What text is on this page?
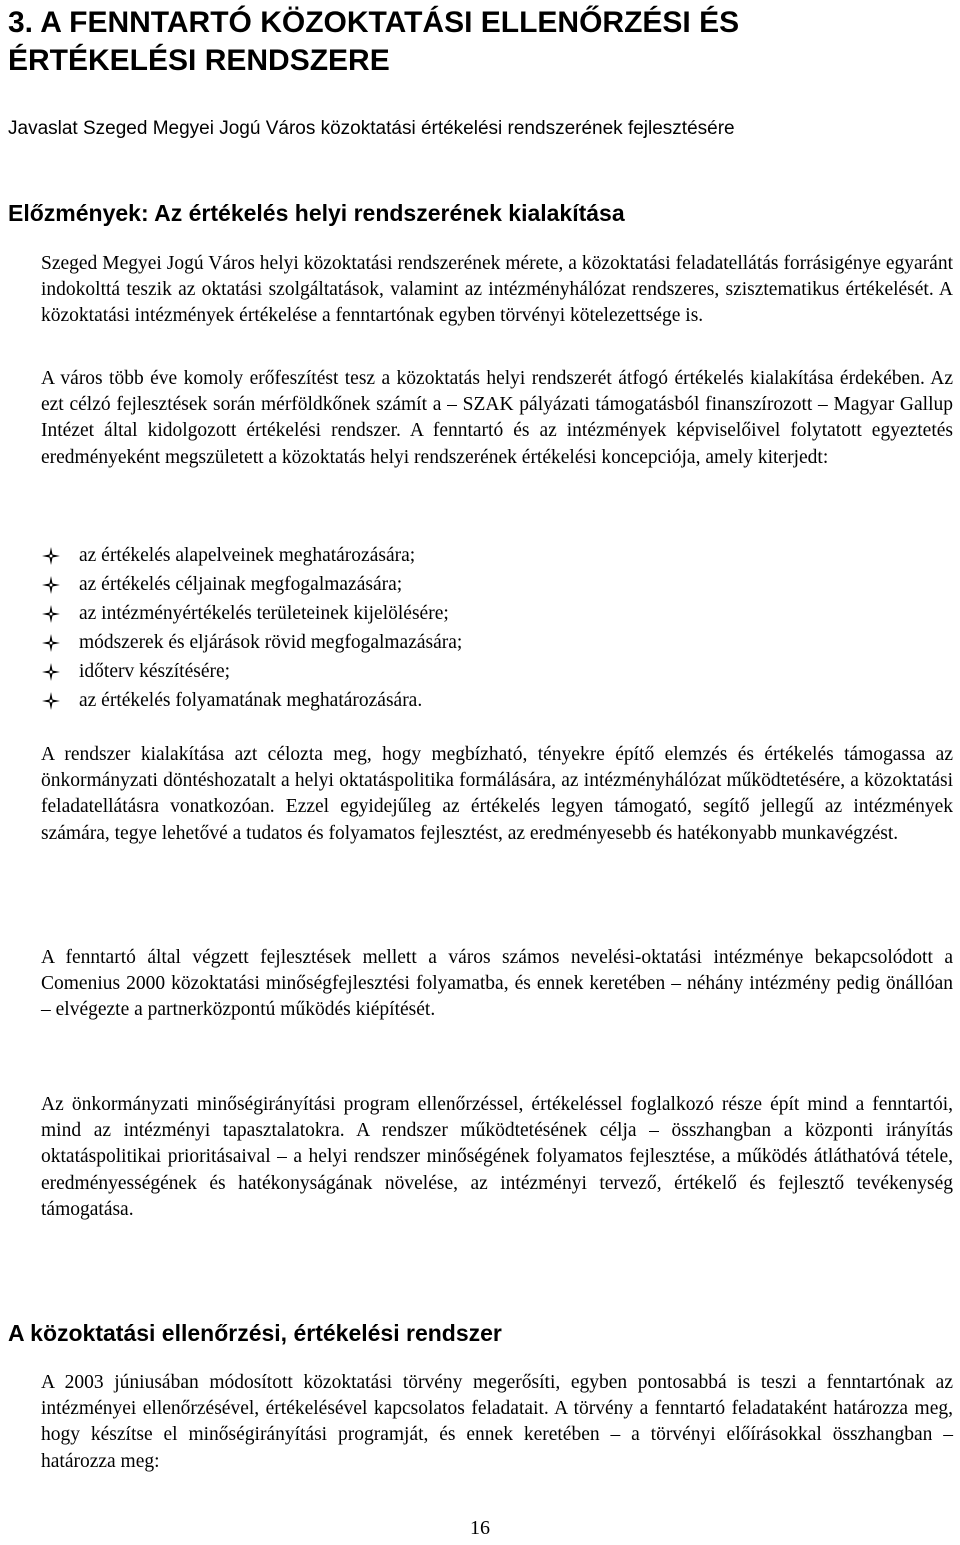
3. A FENNTARTÓ KÖZOKTATÁSI ELLENŐRZÉSI ÉS
ÉRTÉKELÉSI RENDSZERE

Javaslat Szeged Megyei Jogú Város közoktatási értékelési rendszerének fejlesztésére

Előzmények: Az értékelés helyi rendszerének kialakítása

Szeged Megyei Jogú Város helyi közoktatási rendszerének mérete, a közoktatási feladatellátás forrásigénye egyaránt indokolttá teszik az oktatási szolgáltatások, valamint az intézményhálózat rendszeres, szisztematikus értékelését. A közoktatási intézmények értékelése a fenntartónak egyben törvényi kötelezettsége is.

A város több éve komoly erőfeszítést tesz a közoktatás helyi rendszerét átfogó értékelés kialakítása érdekében. Az ezt célzó fejlesztések során mérföldkőnek számít a – SZAK pályázati támogatásból finanszírozott – Magyar Gallup Intézet által kidolgozott értékelési rendszer. A fenntartó és az intézmények képviselőivel folytatott egyeztetés eredményeként megszületett a közoktatás helyi rendszerének értékelési koncepciója, amely kiterjedt:

az értékelés alapelveinek meghatározására;
az értékelés céljainak megfogalmazására;
az intézményértékelés területeinek kijelölésére;
módszerek és eljárások rövid megfogalmazására;
időterv készítésére;
az értékelés folyamatának meghatározására.

A rendszer kialakítása azt célozta meg, hogy megbízható, tényekre építő elemzés és értékelés támogassa az önkormányzati döntéshozatalt a helyi oktatáspolitika formálására, az intézményhálózat működtetésére, a közoktatási feladatellátásra vonatkozóan. Ezzel egyidejűleg az értékelés legyen támogató, segítő jellegű az intézmények számára, tegye lehetővé a tudatos és folyamatos fejlesztést, az eredményesebb és hatékonyabb munkavégzést.

A fenntartó által végzett fejlesztések mellett a város számos nevelési-oktatási intézménye bekapcsolódott a Comenius 2000 közoktatási minőségfejlesztési folyamatba, és ennek keretében – néhány intézmény pedig önállóan – elvégezte a partnerközpontú működés kiépítését.

Az önkormányzati minőségirányítási program ellenőrzéssel, értékeléssel foglalkozó része épít mind a fenntartói, mind az intézményi tapasztalatokra. A rendszer működtetésének célja – összhangban a központi irányítás oktatáspolitikai prioritásaival – a helyi rendszer minőségének folyamatos fejlesztése, a működés átláthatóvá tétele, eredményességének és hatékonyságának növelése, az intézményi tervező, értékelő és fejlesztő tevékenység támogatása.

A közoktatási ellenőrzési, értékelési rendszer

A 2003 júniusában módosított közoktatási törvény megerősíti, egyben pontosabbá is teszi a fenntartónak az intézményei ellenőrzésével, értékelésével kapcsolatos feladatait. A törvény a fenntartó feladataként határozza meg, hogy készítse el minőségirányítási programját, és ennek keretében – a törvényi előírásokkal összhangban – határozza meg:

16
